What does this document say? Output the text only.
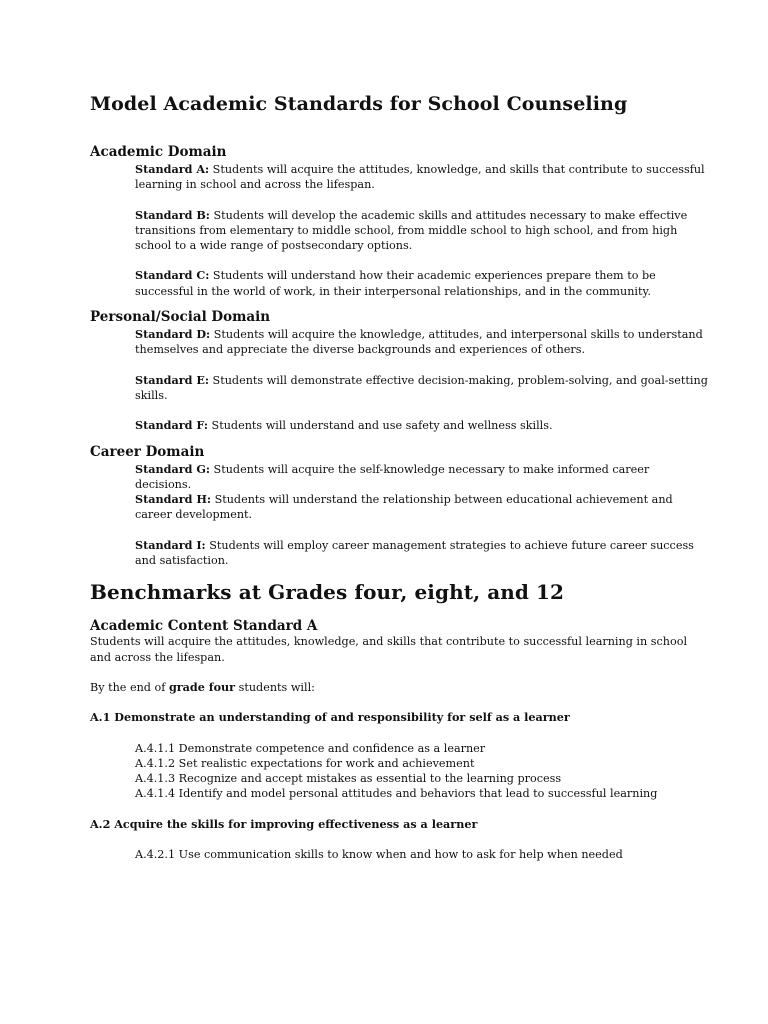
Model Academic Standards for School Counseling
Academic Domain

Standard A: Students will acquire the attitudes, knowledge, and skills that contribute to successful learning in school and across the lifespan.

Standard B: Students will develop the academic skills and attitudes necessary to make effective transitions from elementary to middle school, from middle school to high school, and from high school to a wide range of postsecondary options.

Standard C: Students will understand how their academic experiences prepare them to be successful in the world of work, in their interpersonal relationships, and in the community.

Personal/Social Domain

Standard D: Students will acquire the knowledge, attitudes, and interpersonal skills to understand themselves and appreciate the diverse backgrounds and experiences of others.

Standard E: Students will demonstrate effective decision-making, problem-solving, and goal-setting skills.

Standard F: Students will understand and use safety and wellness skills.

Career Domain

Standard G: Students will acquire the self-knowledge necessary to make informed career decisions.

Standard H: Students will understand the relationship between educational achievement and career development.

Standard I: Students will employ career management strategies to achieve future career success and satisfaction.

Benchmarks at Grades four, eight, and 12
Academic Content Standard A

Students will acquire the attitudes, knowledge, and skills that contribute to successful learning in school and across the lifespan.

By the end of grade four students will:

A.1 Demonstrate an understanding of and responsibility for self as a learner

A.4.1.1 Demonstrate competence and confidence as a learner
A.4.1.2 Set realistic expectations for work and achievement
A.4.1.3 Recognize and accept mistakes as essential to the learning process
A.4.1.4 Identify and model personal attitudes and behaviors that lead to successful learning

A.2 Acquire the skills for improving effectiveness as a learner

A.4.2.1 Use communication skills to know when and how to ask for help when needed
